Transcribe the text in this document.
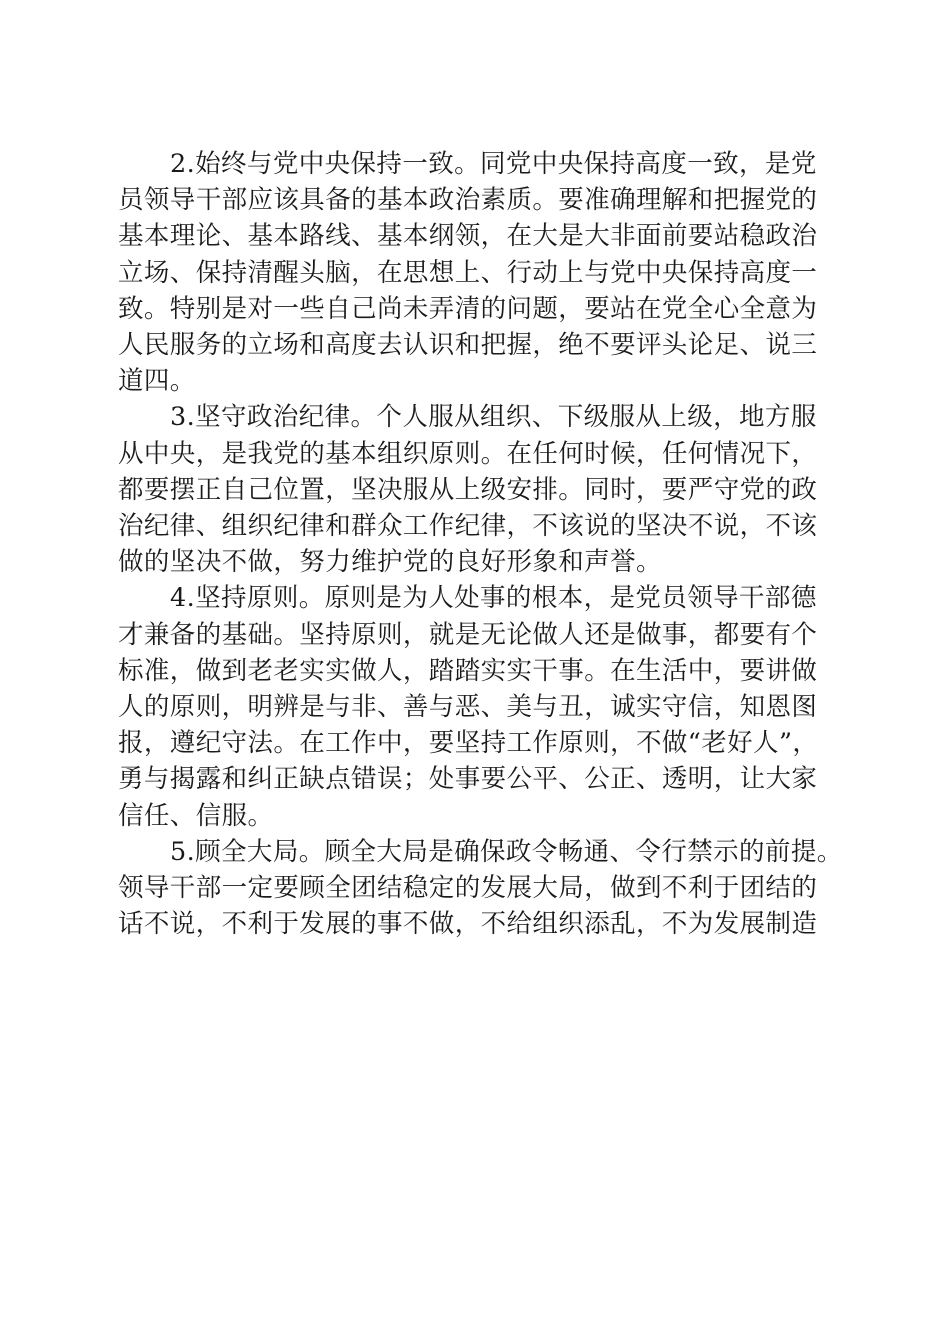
2.始终与党中央保持一致。同党中央保持高度一致，是党
员领导干部应该具备的基本政治素质。要准确理解和把握党的
基本理论、基本路线、基本纲领，在大是大非面前要站稳政治
立场、保持清醒头脑，在思想上、行动上与党中央保持高度一
致。特别是对一些自己尚未弄清的问题，要站在党全心全意为
人民服务的立场和高度去认识和把握，绝不要评头论足、说三
道四。
3.坚守政治纪律。个人服从组织、下级服从上级，地方服
从中央，是我党的基本组织原则。在任何时候，任何情况下，
都要摆正自己位置，坚决服从上级安排。同时，要严守党的政
治纪律、组织纪律和群众工作纪律，不该说的坚决不说，不该
做的坚决不做，努力维护党的良好形象和声誉。
4.坚持原则。原则是为人处事的根本，是党员领导干部德
才兼备的基础。坚持原则，就是无论做人还是做事，都要有个
标准，做到老老实实做人，踏踏实实干事。在生活中，要讲做
人的原则，明辨是与非、善与恶、美与丑，诚实守信，知恩图
报，遵纪守法。在工作中，要坚持工作原则，不做“老好人”，
勇与揭露和纠正缺点错误；处事要公平、公正、透明，让大家
信任、信服。
5.顾全大局。顾全大局是确保政令畅通、令行禁示的前提。
领导干部一定要顾全团结稳定的发展大局，做到不利于团结的
话不说，不利于发展的事不做，不给组织添乱，不为发展制造
